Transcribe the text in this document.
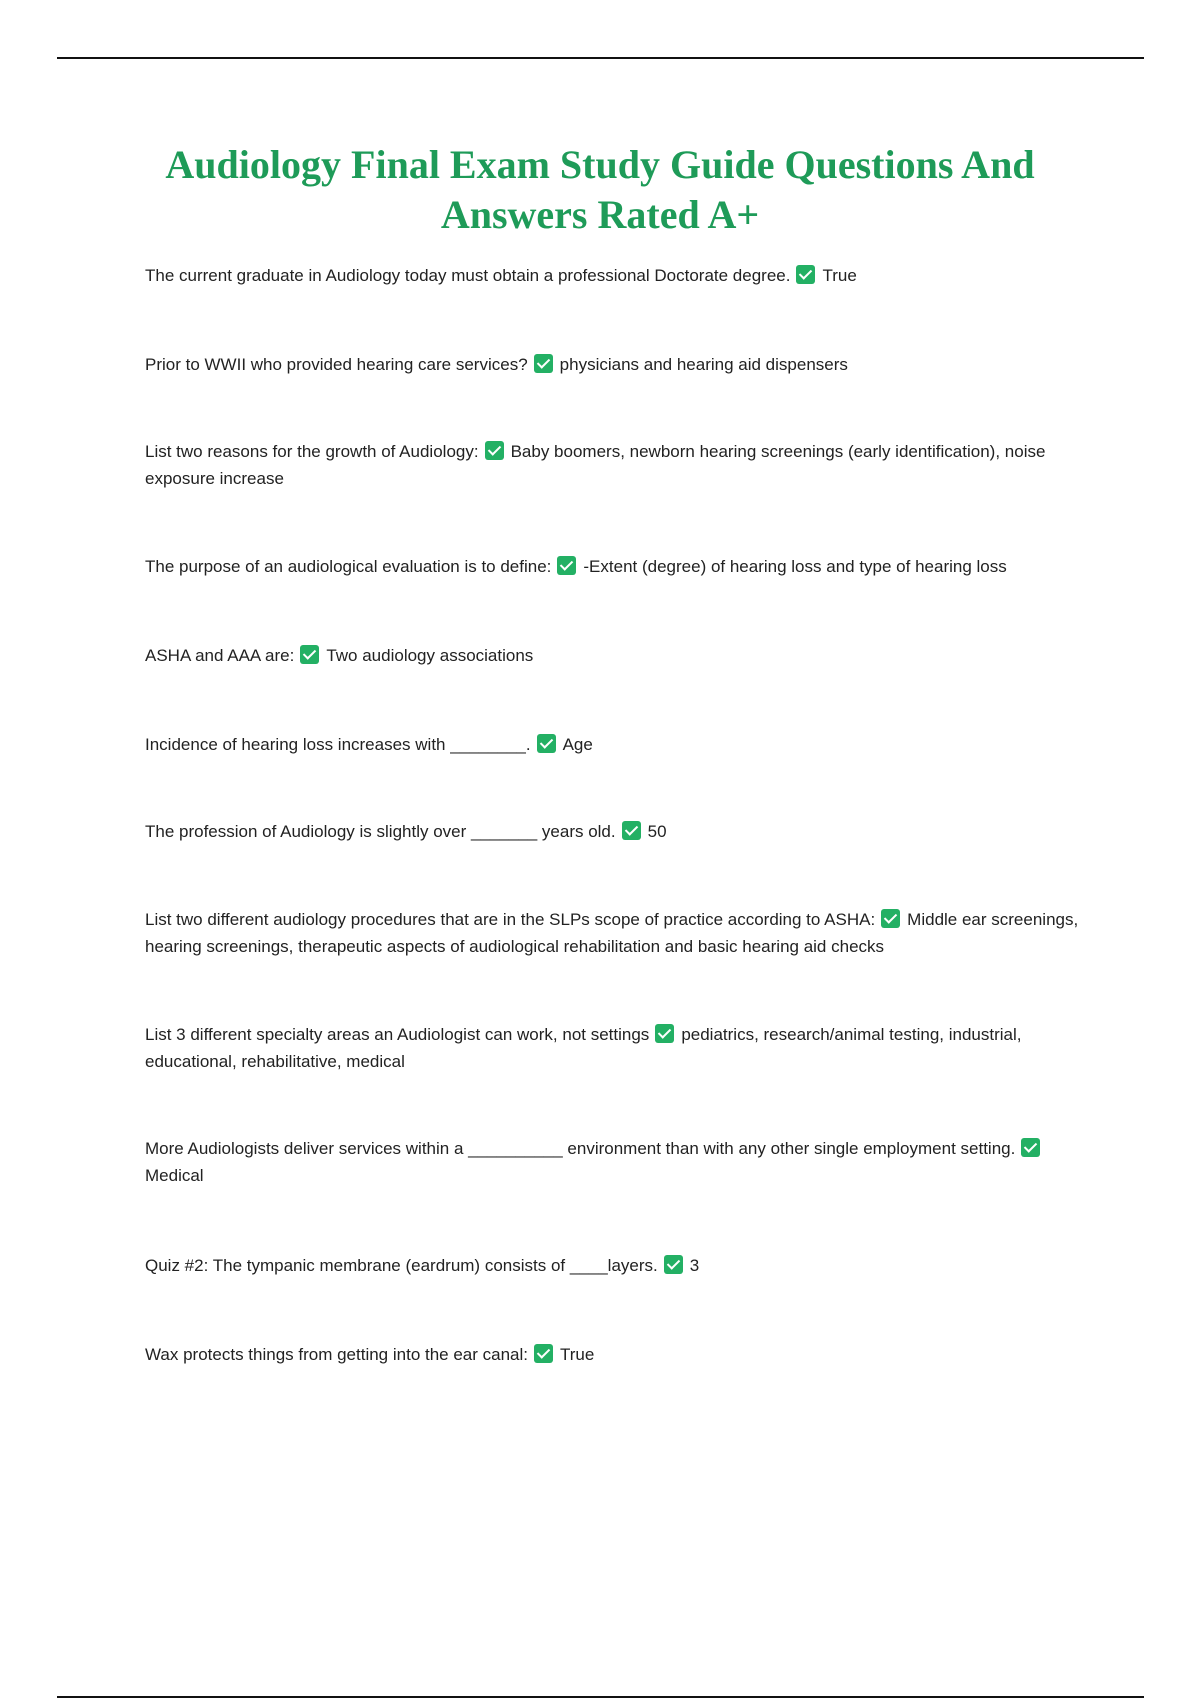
Audiology Final Exam Study Guide Questions And Answers Rated A+

The current graduate in Audiology today must obtain a professional Doctorate degree. True

Prior to WWII who provided hearing care services? physicians and hearing aid dispensers

List two reasons for the growth of Audiology: Baby boomers, newborn hearing screenings (early identification), noise exposure increase

The purpose of an audiological evaluation is to define: -Extent (degree) of hearing loss and type of hearing loss

ASHA and AAA are: Two audiology associations

Incidence of hearing loss increases with ________. Age

The profession of Audiology is slightly over _______ years old. 50

List two different audiology procedures that are in the SLPs scope of practice according to ASHA: Middle ear screenings, hearing screenings, therapeutic aspects of audiological rehabilitation and basic hearing aid checks

List 3 different specialty areas an Audiologist can work, not settings pediatrics, research/animal testing, industrial, educational, rehabilitative, medical

More Audiologists deliver services within a __________ environment than with any other single employment setting.Medical

Quiz #2: The tympanic membrane (eardrum) consists of ____layers. 3

Wax protects things from getting into the ear canal: True
